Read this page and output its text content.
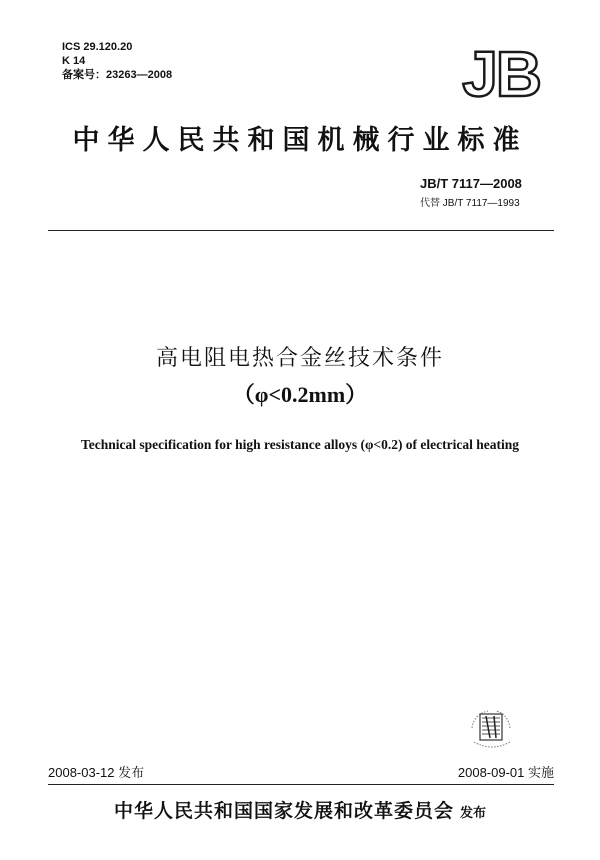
ICS 29.120.20
K 14
备案号：23263—2008	JB
中华人民共和国机械行业标准
JB/T 7117—2008
代替 JB/T 7117—1993
高电阻电热合金丝技术条件
（φ<0.2mm）
Technical specification for high resistance alloys (φ<0.2) of electrical heating
2008-03-12 发布	2008-09-01 实施
中华人民共和国国家发展和改革委员会 发布
